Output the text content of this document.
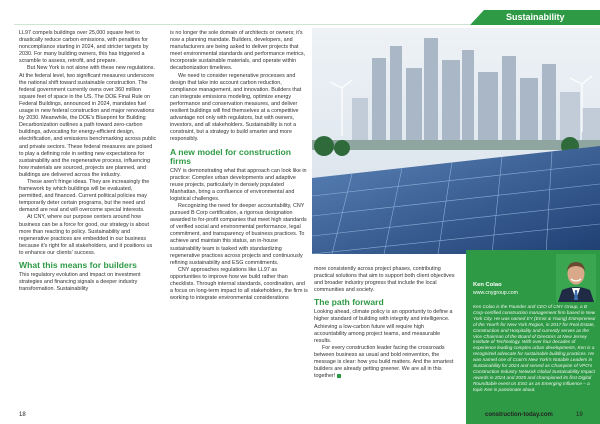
Sustainability

LL97 compels buildings over 25,000 square feet to drastically reduce carbon emissions, with penalties for noncompliance starting in 2024, and stricter targets by 2030. For many building owners, this has triggered a scramble to assess, retrofit, and prepare.

But New York is not alone with these new regulations. At the federal level, two significant measures underscore the national shift toward sustainable construction. The federal government currently owns over 360 million square feet of space in the US. The DOE Final Rule on Federal Buildings, announced in 2024, mandates fuel usage in new federal construction and major renovations by 2030. Meanwhile, the DOE's Blueprint for Building Decarbonization outlines a path toward zero-carbon buildings, advocating for energy-efficient design, electrification, and emissions benchmarking across public and private sectors. These federal measures are poised to play a defining role in setting new expectations for sustainability and the regenerative process, influencing how materials are sourced, projects are planned, and buildings are delivered across the industry.

These aren't fringe ideas. They are increasingly the framework by which buildings will be evaluated, permitted, and financed. Current political policies may temporarily deter certain programs, but the need and demand are real and will overcome special interests.

At CNY, where our purpose centers around how business can be a force for good, our strategy is about more than reacting to policy. Sustainability and regenerative practices are embedded in our business because it's right for all stakeholders, and it positions us to enhance our clients' success.

What this means for builders

This regulatory evolution and impact on investment strategies and financing signals a deeper industry transformation. Sustainability

is no longer the sole domain of architects or owners; it's now a planning mandate. Builders, developers, and manufacturers are being asked to deliver projects that meet environmental standards and performance metrics, incorporate sustainable materials, and operate within decarbonization timelines.

We need to consider regenerative processes and design that take into account carbon reduction, compliance management, and innovation. Builders that can integrate emissions modeling, optimize energy performance and conservation measures, and deliver resilient buildings will find themselves at a competitive advantage not only with regulators, but with owners, investors, and all stakeholders. Sustainability is not a constraint, but a strategy to build smarter and more responsibly.

A new model for construction firms

CNY is demonstrating what that approach can look like in practice: Complex urban developments and adaptive reuse projects, particularly in densely populated Manhattan, bring a confluence of environmental and logistical challenges.

Recognizing the need for deeper accountability, CNY pursued B Corp certification, a rigorous designation awarded to for-profit companies that meet high standards of verified social and environmental performance, legal commitment, and transparency of business practices. To achieve and maintain this status, an in-house sustainability team is tasked with standardizing regenerative practices across projects and continuously refining sustainability and ESG commitments.

CNY approaches regulations like LL97 as opportunities to improve how we build rather than checklists. Through internal standards, coordination, and a focus on long-term impact to all stakeholders, the firm is working to integrate environmental considerations

more consistently across project phases, contributing practical solutions that aim to support both client objectives and broader industry progress that include the local communities and society.

The path forward

Looking ahead, climate policy is an opportunity to define a higher standard of building with integrity and intelligence. Achieving a low-carbon future will require high accountability among project teams, and measurable results.

For every construction leader facing the crossroads between business as usual and bold reinvention, the message is clear: how you build matters. And the smartest builders are already getting greener. We are all in this together!

Ken Colao
www.cnygroup.com
Ken Colao is the Founder and CEO of CNY Group, a B Corp-certified construction management firm based in New York City. He was named EY (Ernst & Young) Entrepreneur of the Year® for New York Region, in 2017 for Real Estate, Construction and Hospitality and currently serves as the Vice Chairman of the Board of Directors at New Jersey Institute of Technology. With over four decades of experience leading complex urban developments, Ken is a recognized advocate for sustainable building practices. He was named one of Crain's New York's Notable Leaders in Sustainability for 2024 and served as Champion of VPO's Construction Industry Network Global Sustainability Impact Awards in 2024 and 2025 and championed its first Digital Roundtable event on ESG as an Emerging Influence – a topic Ken is passionate about.
18	construction-today.com	19
